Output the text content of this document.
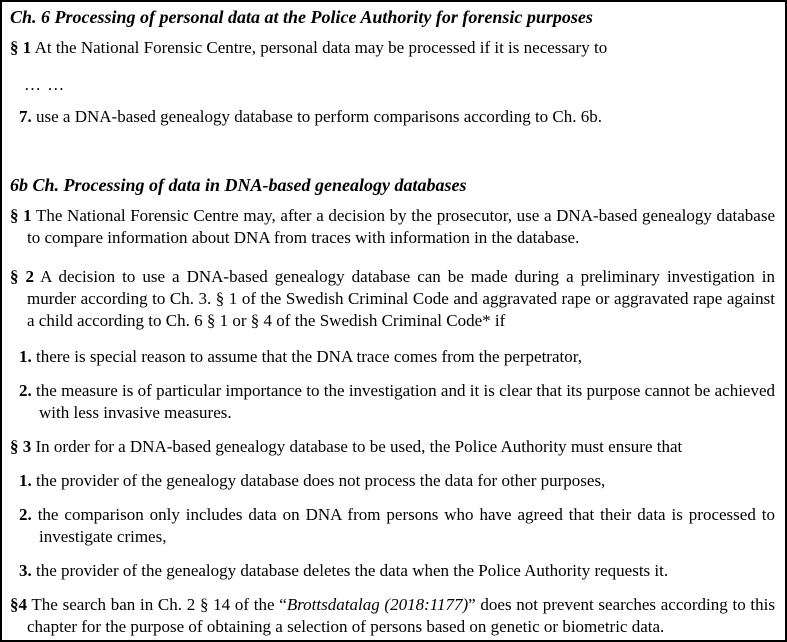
Ch. 6 Processing of personal data at the Police Authority for forensic purposes

§ 1 At the National Forensic Centre, personal data may be processed if it is necessary to

… …

7. use a DNA-based genealogy database to perform comparisons according to Ch. 6b.

6b Ch. Processing of data in DNA-based genealogy databases

§ 1 The National Forensic Centre may, after a decision by the prosecutor, use a DNA-based genealogy database to compare information about DNA from traces with information in the database.

§ 2 A decision to use a DNA-based genealogy database can be made during a preliminary investigation in murder according to Ch. 3. § 1 of the Swedish Criminal Code and aggravated rape or aggravated rape against a child according to Ch. 6 § 1 or § 4 of the Swedish Criminal Code* if

1. there is special reason to assume that the DNA trace comes from the perpetrator,

2. the measure is of particular importance to the investigation and it is clear that its purpose cannot be achieved with less invasive measures.

§ 3 In order for a DNA-based genealogy database to be used, the Police Authority must ensure that

1. the provider of the genealogy database does not process the data for other purposes,

2. the comparison only includes data on DNA from persons who have agreed that their data is processed to investigate crimes,

3. the provider of the genealogy database deletes the data when the Police Authority requests it.

§4 The search ban in Ch. 2 § 14 of the “Brottsdatalag (2018:1177)” does not prevent searches according to this chapter for the purpose of obtaining a selection of persons based on genetic or biometric data.
